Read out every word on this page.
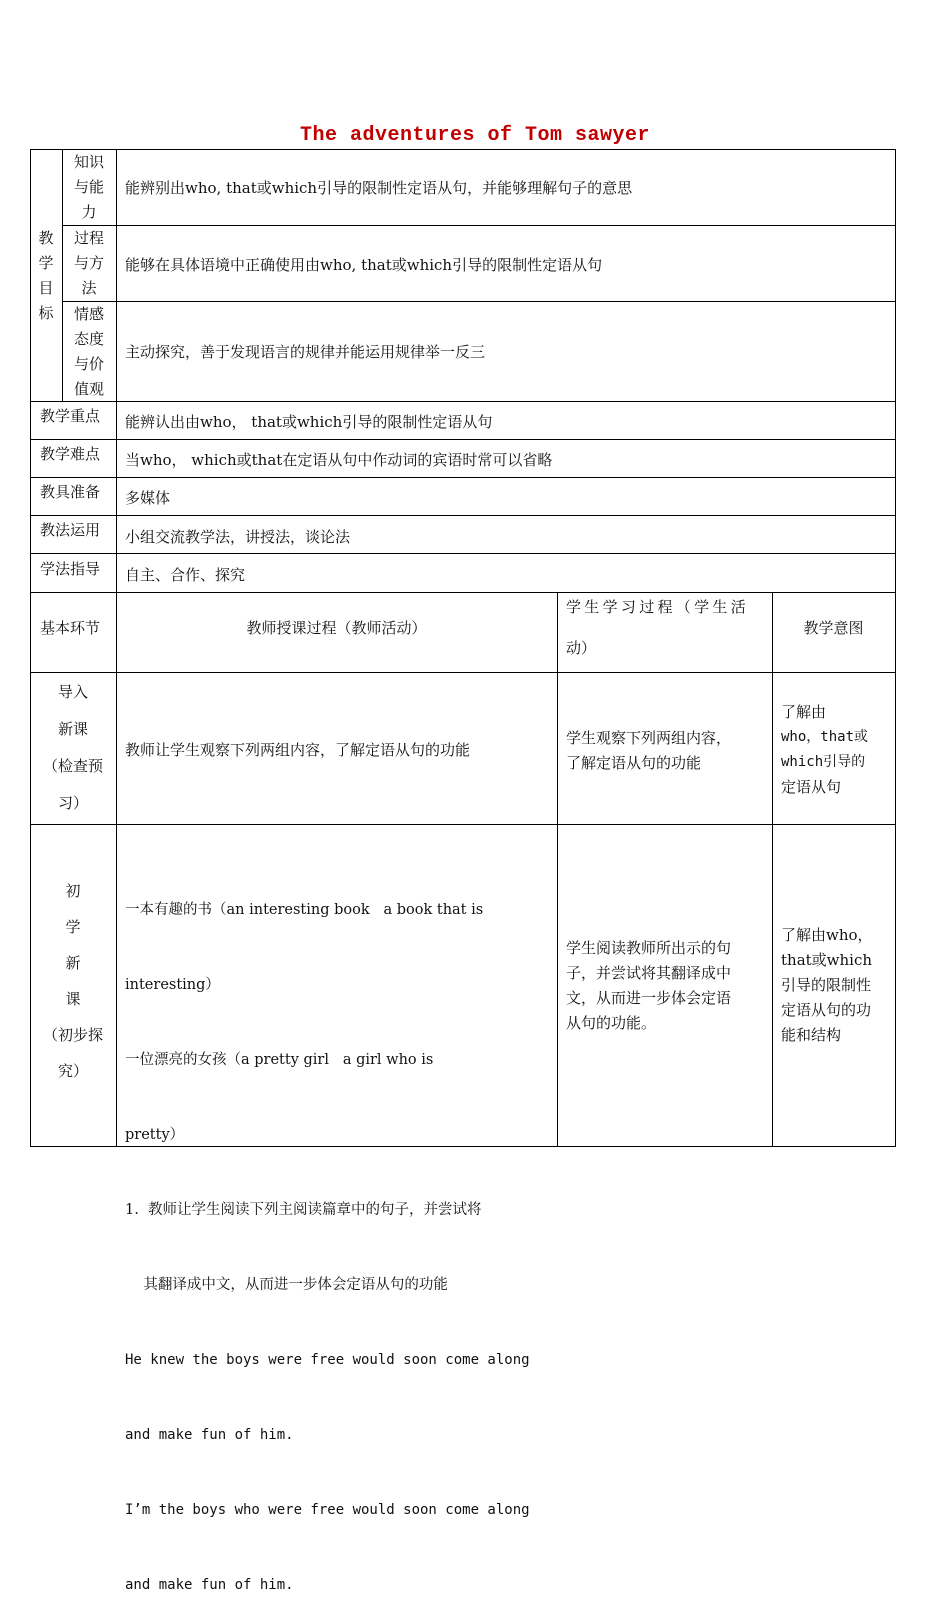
The adventures of Tom sawyer
教
学
目
标
知识
与能
力
能辨别出who, that或which引导的限制性定语从句，并能够理解句子的意思
过程
与方
法
能够在具体语境中正确使用由who, that或which引导的限制性定语从句
情感
态度
与价
值观
主动探究，善于发现语言的规律并能运用规律举一反三
教学重点 能辨认出由who， that或which引导的限制性定语从句
教学难点 当who， which或that在定语从句中作动词的宾语时常可以省略
教具准备 多媒体
教法运用 小组交流教学法，讲授法，谈论法
学法指导 自主、合作、探究
基本环节	教师授课过程（教师活动）
学生学习过程（学生活
动）
教学意图
导入
新课
（检查预
习）
教师让学生观察下列两组内容，了解定语从句的功能
学生观察下列两组内容，
了解定语从句的功能
了解由
who，that或
which引导的
定语从句
初
学
新
课
（初步探
究）

一本有趣的书（an interesting book   a book that is

interesting）

一位漂亮的女孩（a pretty girl   a girl who is

pretty）

1.  教师让学生阅读下列主阅读篇章中的句子，并尝试将

其翻译成中文，从而进一步体会定语从句的功能

He knew the boys were free would soon come along

and make fun of him.

I’m the boys who were free would soon come along

and make fun of him.

学生阅读教师所出示的句
子，并尝试将其翻译成中
文，从而进一步体会定语
从句的功能。
了解由who，
that或which
引导的限制性
定语从句的功
能和结构
